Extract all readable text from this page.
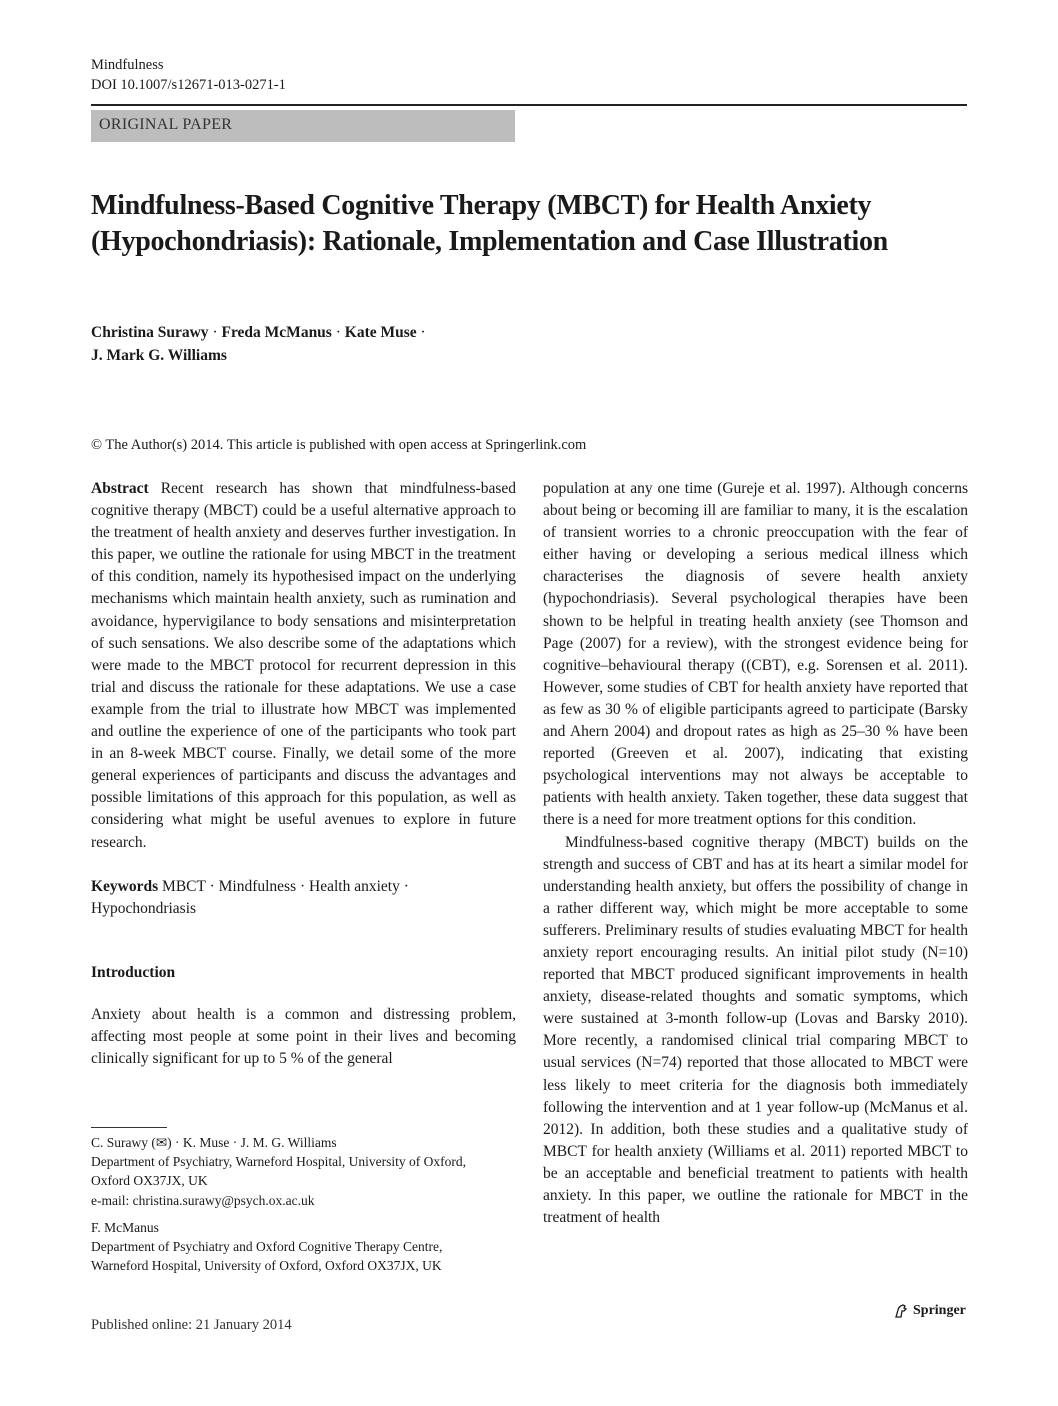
Mindfulness
DOI 10.1007/s12671-013-0271-1
ORIGINAL PAPER
Mindfulness-Based Cognitive Therapy (MBCT) for Health Anxiety (Hypochondriasis): Rationale, Implementation and Case Illustration
Christina Surawy · Freda McManus · Kate Muse ·
J. Mark G. Williams
© The Author(s) 2014. This article is published with open access at Springerlink.com

Abstract Recent research has shown that mindfulness-based cognitive therapy (MBCT) could be a useful alternative approach to the treatment of health anxiety and deserves further investigation. In this paper, we outline the rationale for using MBCT in the treatment of this condition, namely its hypothesised impact on the underlying mechanisms which maintain health anxiety, such as rumination and avoidance, hypervigilance to body sensations and misinterpretation of such sensations. We also describe some of the adaptations which were made to the MBCT protocol for recurrent depression in this trial and discuss the rationale for these adaptations. We use a case example from the trial to illustrate how MBCT was implemented and outline the experience of one of the participants who took part in an 8-week MBCT course. Finally, we detail some of the more general experiences of participants and discuss the advantages and possible limitations of this approach for this population, as well as considering what might be useful avenues to explore in future research.

Keywords MBCT · Mindfulness · Health anxiety · Hypochondriasis

Introduction

Anxiety about health is a common and distressing problem, affecting most people at some point in their lives and becoming clinically significant for up to 5 % of the general

C. Surawy (✉) · K. Muse · J. M. G. Williams
Department of Psychiatry, Warneford Hospital, University of Oxford,
Oxford OX37JX, UK
e-mail: christina.surawy@psych.ox.ac.uk
F. McManus
Department of Psychiatry and Oxford Cognitive Therapy Centre,
Warneford Hospital, University of Oxford, Oxford OX37JX, UK

population at any one time (Gureje et al. 1997). Although concerns about being or becoming ill are familiar to many, it is the escalation of transient worries to a chronic preoccupation with the fear of either having or developing a serious medical illness which characterises the diagnosis of severe health anxiety (hypochondriasis). Several psychological therapies have been shown to be helpful in treating health anxiety (see Thomson and Page (2007) for a review), with the strongest evidence being for cognitive–behavioural therapy ((CBT), e.g. Sorensen et al. 2011). However, some studies of CBT for health anxiety have reported that as few as 30 % of eligible participants agreed to participate (Barsky and Ahern 2004) and dropout rates as high as 25–30 % have been reported (Greeven et al. 2007), indicating that existing psychological interventions may not always be acceptable to patients with health anxiety. Taken together, these data suggest that there is a need for more treatment options for this condition.

Mindfulness-based cognitive therapy (MBCT) builds on the strength and success of CBT and has at its heart a similar model for understanding health anxiety, but offers the possibility of change in a rather different way, which might be more acceptable to some sufferers. Preliminary results of studies evaluating MBCT for health anxiety report encouraging results. An initial pilot study (N=10) reported that MBCT produced significant improvements in health anxiety, disease-related thoughts and somatic symptoms, which were sustained at 3-month follow-up (Lovas and Barsky 2010). More recently, a randomised clinical trial comparing MBCT to usual services (N=74) reported that those allocated to MBCT were less likely to meet criteria for the diagnosis both immediately following the intervention and at 1 year follow-up (McManus et al. 2012). In addition, both these studies and a qualitative study of MBCT for health anxiety (Williams et al. 2011) reported MBCT to be an acceptable and beneficial treatment to patients with health anxiety. In this paper, we outline the rationale for MBCT in the treatment of health

Published online: 21 January 2014
Springer
